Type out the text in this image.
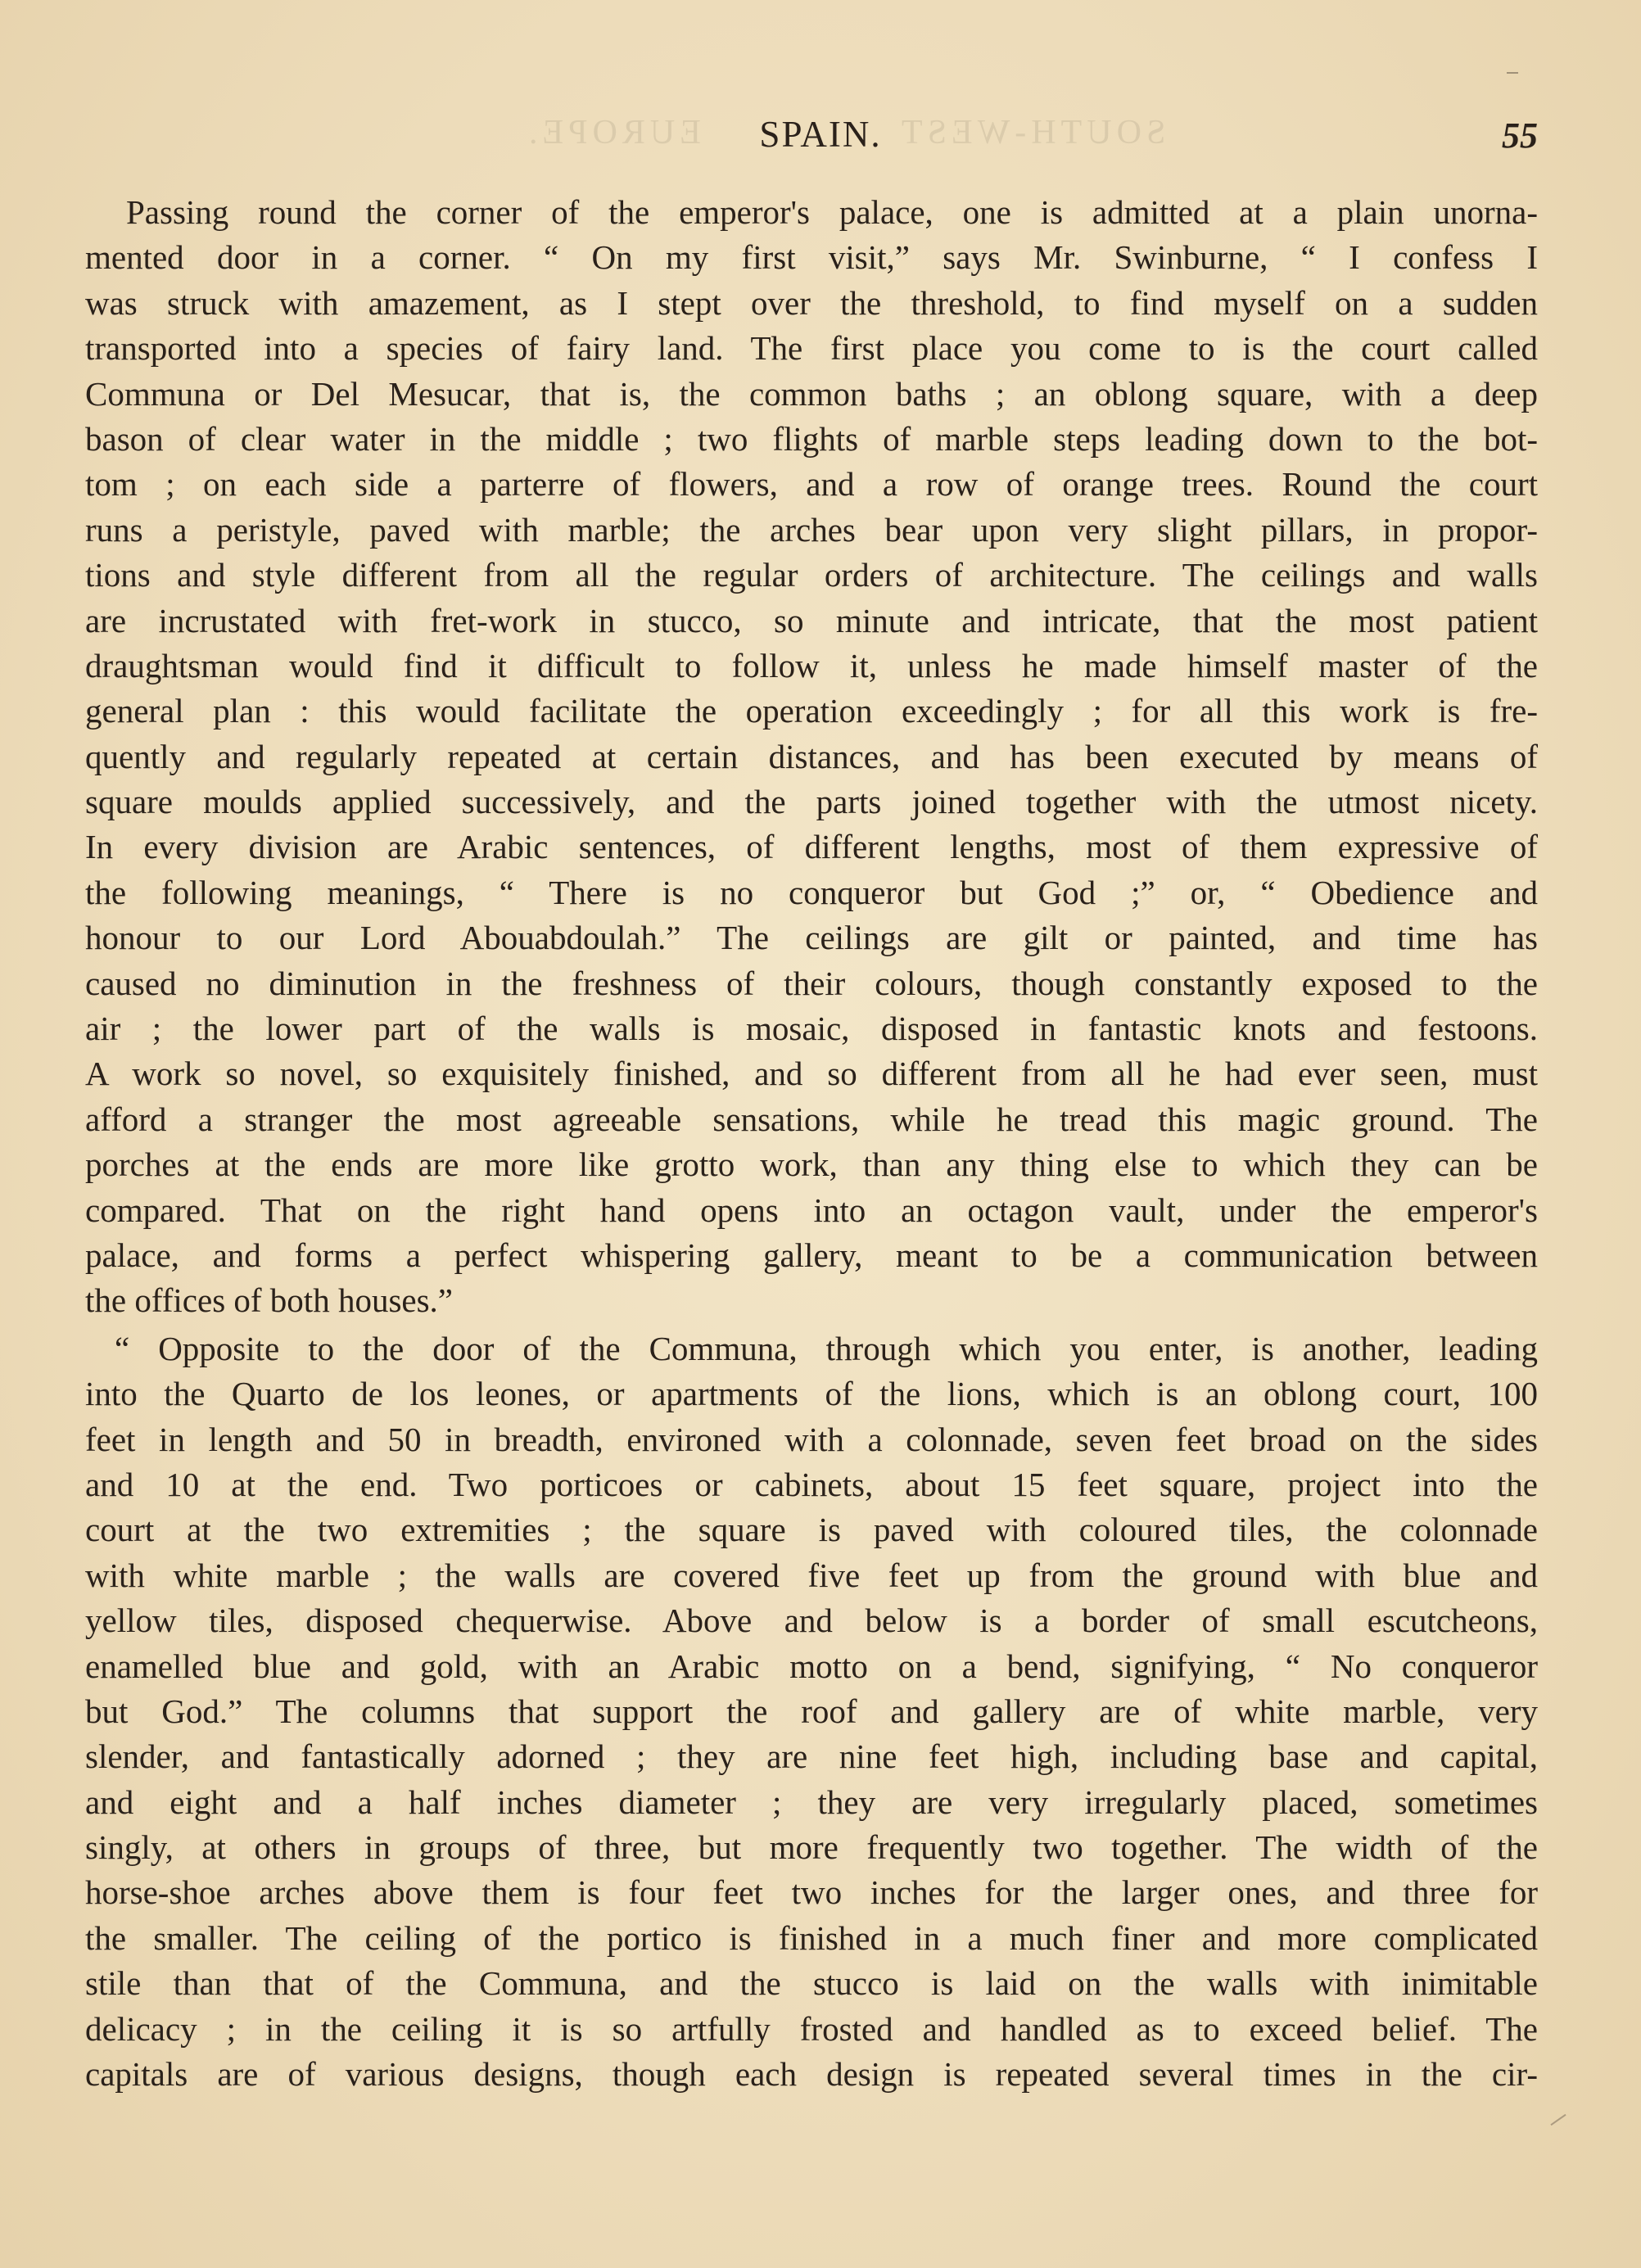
EUROPE.	SOUTH-WEST
SPAIN.	55
Passing round the corner of the emperor's palace, one is admitted at a plain unorna-
mented door in a corner. “ On my first visit,” says Mr. Swinburne, “ I confess I
was struck with amazement, as I stept over the threshold, to find myself on a sudden
transported into a species of fairy land. The first place you come to is the court called
Communa or Del Mesucar, that is, the common baths ; an oblong square, with a deep
bason of clear water in the middle ; two flights of marble steps leading down to the bot-
tom ; on each side a parterre of flowers, and a row of orange trees. Round the court
runs a peristyle, paved with marble; the arches bear upon very slight pillars, in propor-
tions and style different from all the regular orders of architecture. The ceilings and walls
are incrustated with fret-work in stucco, so minute and intricate, that the most patient
draughtsman would find it difficult to follow it, unless he made himself master of the
general plan : this would facilitate the operation exceedingly ; for all this work is fre-
quently and regularly repeated at certain distances, and has been executed by means of
square moulds applied successively, and the parts joined together with the utmost nicety.
In every division are Arabic sentences, of different lengths, most of them expressive of
the following meanings, “ There is no conqueror but God ;” or, “ Obedience and
honour to our Lord Abouabdoulah.” The ceilings are gilt or painted, and time has
caused no diminution in the freshness of their colours, though constantly exposed to the
air ; the lower part of the walls is mosaic, disposed in fantastic knots and festoons.
A work so novel, so exquisitely finished, and so different from all he had ever seen, must
afford a stranger the most agreeable sensations, while he tread this magic ground. The
porches at the ends are more like grotto work, than any thing else to which they can be
compared. That on the right hand opens into an octagon vault, under the emperor's
palace, and forms a perfect whispering gallery, meant to be a communication between
the offices of both houses.”
“ Opposite to the door of the Communa, through which you enter, is another, leading
into the Quarto de los leones, or apartments of the lions, which is an oblong court, 100
feet in length and 50 in breadth, environed with a colonnade, seven feet broad on the sides
and 10 at the end. Two porticoes or cabinets, about 15 feet square, project into the
court at the two extremities ; the square is paved with coloured tiles, the colonnade
with white marble ; the walls are covered five feet up from the ground with blue and
yellow tiles, disposed chequerwise. Above and below is a border of small escutcheons,
enamelled blue and gold, with an Arabic motto on a bend, signifying, “ No conqueror
but God.” The columns that support the roof and gallery are of white marble, very
slender, and fantastically adorned ; they are nine feet high, including base and capital,
and eight and a half inches diameter ; they are very irregularly placed, sometimes
singly, at others in groups of three, but more frequently two together. The width of the
horse-shoe arches above them is four feet two inches for the larger ones, and three for
the smaller. The ceiling of the portico is finished in a much finer and more complicated
stile than that of the Communa, and the stucco is laid on the walls with inimitable
delicacy ; in the ceiling it is so artfully frosted and handled as to exceed belief. The
capitals are of various designs, though each design is repeated several times in the cir-
